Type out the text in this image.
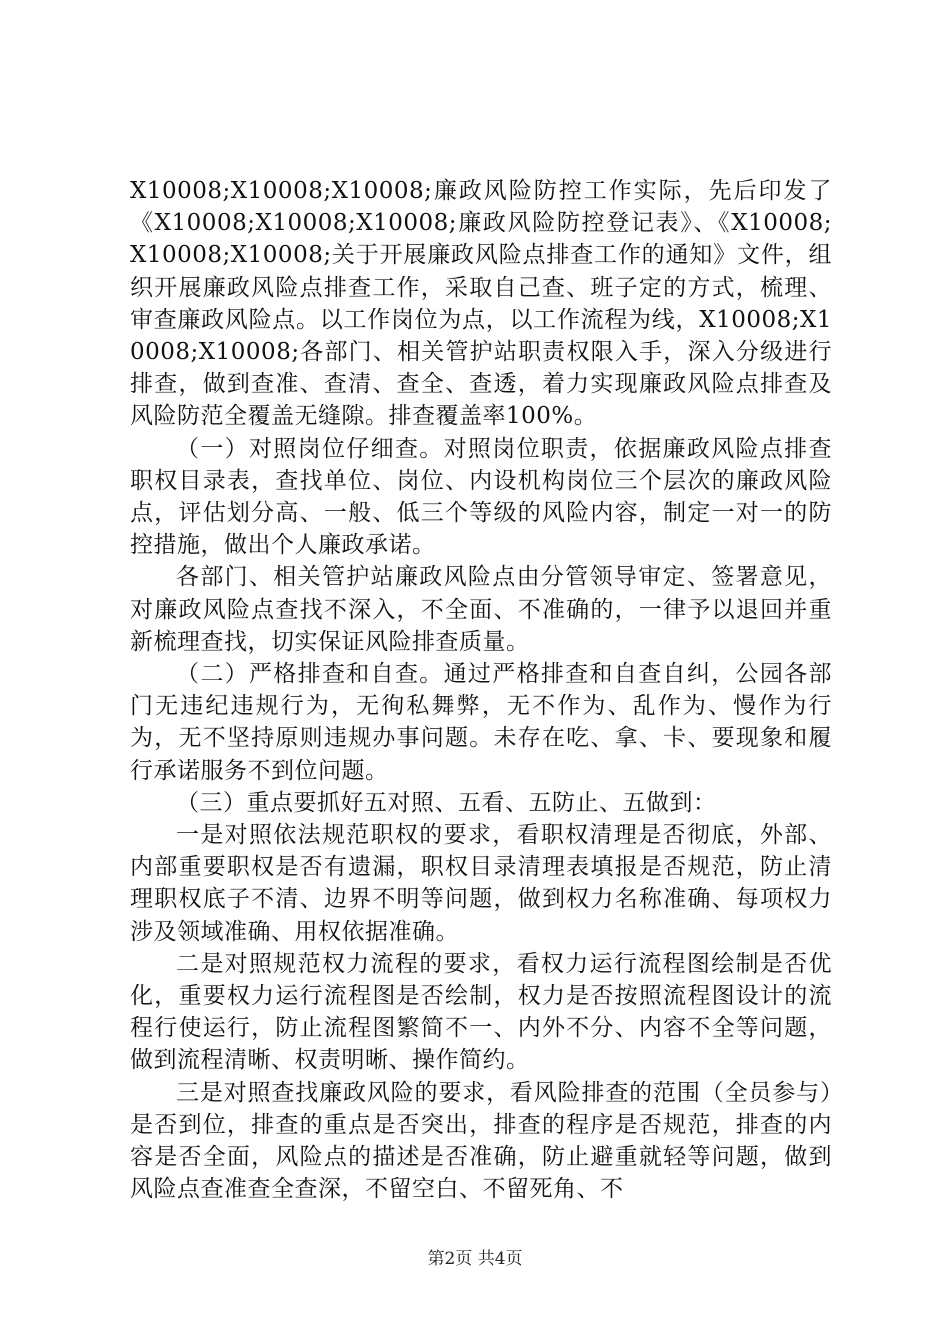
X10008;X10008;X10008;廉政风险防控工作实际，先后印发了《X10008;X10008;X10008;廉政风险防控登记表》、《X10008;X10008;X10008;关于开展廉政风险点排查工作的通知》文件，组织开展廉政风险点排查工作，采取自己查、班子定的方式，梳理、审查廉政风险点。以工作岗位为点，以工作流程为线，X10008;X10008;X10008;各部门、相关管护站职责权限入手，深入分级进行排查，做到查准、查清、查全、查透，着力实现廉政风险点排查及风险防范全覆盖无缝隙。排查覆盖率100%。

（一）对照岗位仔细查。对照岗位职责，依据廉政风险点排查职权目录表，查找单位、岗位、内设机构岗位三个层次的廉政风险点，评估划分高、一般、低三个等级的风险内容，制定一对一的防控措施，做出个人廉政承诺。

各部门、相关管护站廉政风险点由分管领导审定、签署意见，对廉政风险点查找不深入，不全面、不准确的，一律予以退回并重新梳理查找，切实保证风险排查质量。

（二）严格排查和自查。通过严格排查和自查自纠，公园各部门无违纪违规行为，无徇私舞弊，无不作为、乱作为、慢作为行为，无不坚持原则违规办事问题。未存在吃、拿、卡、要现象和履行承诺服务不到位问题。

（三）重点要抓好五对照、五看、五防止、五做到：

一是对照依法规范职权的要求，看职权清理是否彻底，外部、内部重要职权是否有遗漏，职权目录清理表填报是否规范，防止清理职权底子不清、边界不明等问题，做到权力名称准确、每项权力涉及领域准确、用权依据准确。

二是对照规范权力流程的要求，看权力运行流程图绘制是否优化，重要权力运行流程图是否绘制，权力是否按照流程图设计的流程行使运行，防止流程图繁简不一、内外不分、内容不全等问题，做到流程清晰、权责明晰、操作简约。

三是对照查找廉政风险的要求，看风险排查的范围（全员参与）是否到位，排查的重点是否突出，排查的程序是否规范，排查的内容是否全面，风险点的描述是否准确，防止避重就轻等问题，做到风险点查准查全查深，不留空白、不留死角、不

第2页 共4页
